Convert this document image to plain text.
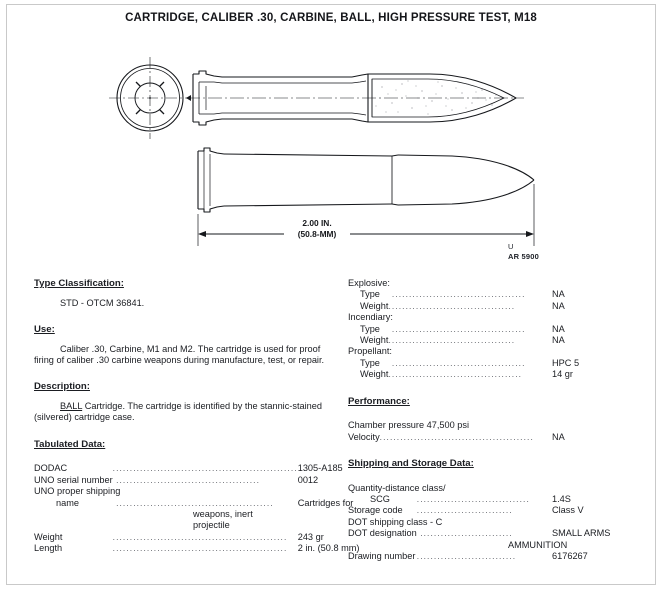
CARTRIDGE, CALIBER .30, CARBINE, BALL, HIGH PRESSURE TEST, M18
2.00 IN.
(50.8-MM)
U
AR 5900
Type Classification:

STD - OTCM 36841.

Use:

Caliber .30, Carbine, M1 and M2. The cartridge is used for proof firing of caliber .30 carbine weapons during manufacture, test, or repair.

Description:

BALL Cartridge. The cartridge is identified by the stannic-stained (silvered) cartridge case.

Tabulated Data:
DODAC	......................................................	1305-A185
UNO serial number	..........................................	0012
UNO proper shipping		
name	..............................................	Cartridges for

weapons, inert
projectile		

Weight	...................................................	243 gr
Length	...................................................	2 in. (50.8 mm)
Explosive:		
Type	.......................................	NA
Weight	.....................................	NA
Incendiary:		
Type	.......................................	NA
Weight	.....................................	NA
Propellant:		
Type	.......................................	HPC 5
Weight	.......................................	14 gr
Performance:

Chamber pressure 47,500 psi

Velocity	.............................................	NA
Shipping and Storage Data:
Quantity-distance class/		
SCG	.................................	1.4S
Storage code	............................	Class V
DOT shipping class - C		
DOT designation	...........................	SMALL ARMS

AMMUNITION		

Drawing number	.............................	6176267
